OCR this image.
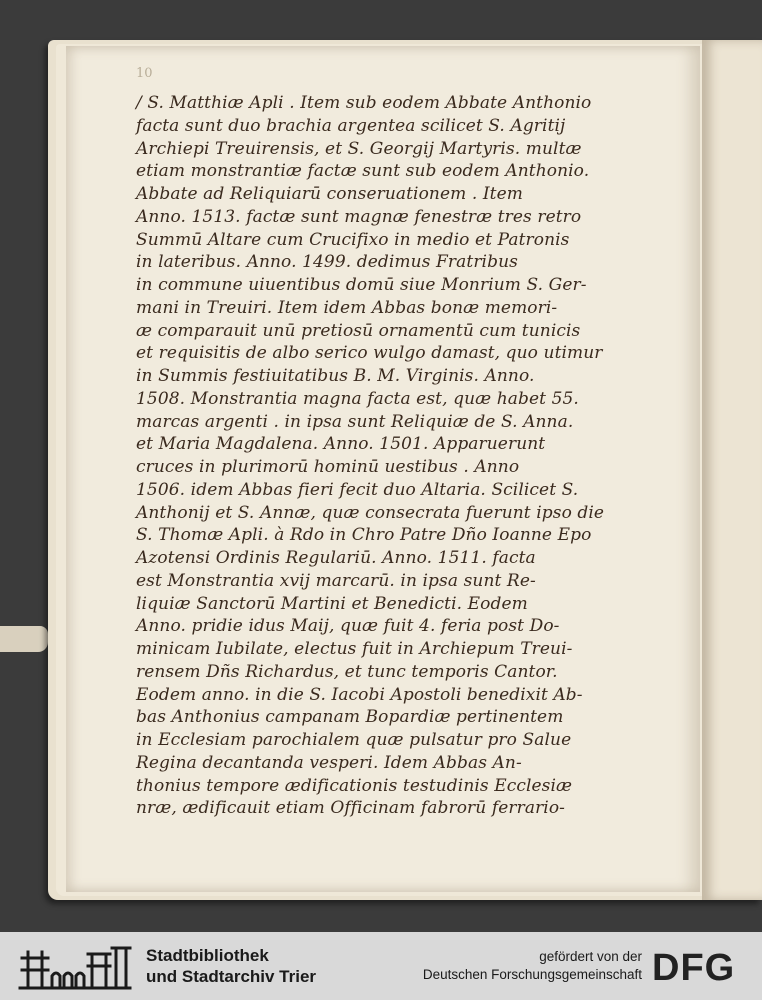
10
/ S. Matthiæ Apli . Item sub eodem Abbate Anthonio
facta sunt duo brachia argentea scilicet S. Agritij
Archiepi Treuirensis, et S. Georgij Martyris. multæ
etiam monstrantiæ factæ sunt sub eodem Anthonio.
Abbate ad Reliquiarū conseruationem . Item
Anno. 1513. factæ sunt magnæ fenestræ tres retro
Summū Altare cum Crucifixo in medio et Patronis
in lateribus. Anno. 1499. dedimus Fratribus
in commune uiuentibus domū siue Monrium S. Ger-
mani in Treuiri. Item idem Abbas bonæ memori-
æ comparauit unū pretiosū ornamentū cum tunicis
et requisitis de albo serico wulgo damast, quo utimur
in Summis festiuitatibus B. M. Virginis. Anno.
1508. Monstrantia magna facta est, quæ habet 55.
marcas argenti . in ipsa sunt Reliquiæ de S. Anna.
et Maria Magdalena. Anno. 1501. Apparuerunt
cruces in plurimorū hominū uestibus . Anno
1506. idem Abbas fieri fecit duo Altaria. Scilicet S.
Anthonij et S. Annæ, quæ consecrata fuerunt ipso die
S. Thomæ Apli. à Rdo in Chro Patre Dño Ioanne Epo
Azotensi Ordinis Regulariū. Anno. 1511. facta
est Monstrantia xvij marcarū. in ipsa sunt Re-
liquiæ Sanctorū Martini et Benedicti. Eodem
Anno. pridie idus Maij, quæ fuit 4. feria post Do-
minicam Iubilate, electus fuit in Archiepum Treui-
rensem Dñs Richardus, et tunc temporis Cantor.
Eodem anno. in die S. Iacobi Apostoli benedixit Ab-
bas Anthonius campanam Bopardiæ pertinentem
in Ecclesiam parochialem quæ pulsatur pro Salue
Regina decantanda vesperi. Idem Abbas An-
thonius tempore ædificationis testudinis Ecclesiæ
nræ, ædificauit etiam Officinam fabrorū ferrario-
Stadtbibliothek
und Stadtarchiv Trier
gefördert von der
Deutschen Forschungsgemeinschaft DFG
